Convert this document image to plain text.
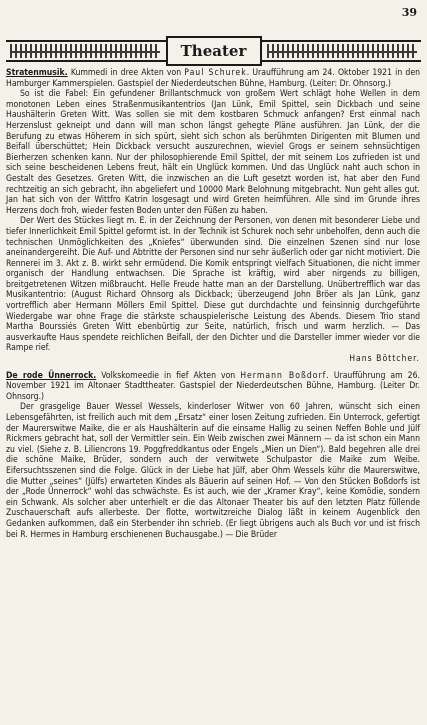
39
Theater

Stratenmusik. Kummedi in dree Akten von Paul Schurek. Uraufführung am 24. Oktober 1921 in den Hamburger Kammerspielen. Gastspiel der Niederdeutschen Bühne, Hamburg. (Leiter: Dr. Ohnsorg.)

So ist die Fabel: Ein gefundener Brillantschmuck von großem Wert schlägt hohe Wellen in dem monotonen Leben eines Straßenmusikantentrios (Jan Lünk, Emil Spittel, sein Dickbach und seine Haushälterin Greten Witt. Was sollen sie mit dem kostbaren Schmuck anfangen? Erst einmal nach Herzenslust gekneipt und dann will man schon längst gehegte Pläne ausführen. Jan Lünk, der die Berufung zu etwas Höherem in sich spürt, sieht sich schon als berühmten Dirigenten mit Blumen und Beifall überschüttet; Hein Dickback versucht auszurechnen, wieviel Grogs er seinem sehnsüchtigen Bierherzen schenken kann. Nur der philosophierende Emil Spittel, der mit seinem Los zufrieden ist und sich seine bescheidenen Lebens freut, hält ein Unglück kommen. Und das Unglück naht auch schon in Gestalt des Gesetzes. Greten Witt, die inzwischen an die Luft gesetzt worden ist, hat aber den Fund rechtzeitig an sich gebracht, ihn abgeliefert und 10000 Mark Belohnung mitgebracht. Nun geht alles gut. Jan hat sich von der Wittfro Katrin losgesagt und wird Greten heimführen. Alle sind im Grunde ihres Herzens doch froh, wieder festen Boden unter den Füßen zu haben.

Der Wert des Stückes liegt m. E. in der Zeichnung der Personen, von denen mit besonderer Liebe und tiefer Innerlichkeit Emil Spittel geformt ist. In der Technik ist Schurek noch sehr unbeholfen, denn auch die technischen Unmöglichkeiten des „Kniefes“ überwunden sind. Die einzelnen Szenen sind nur lose aneinandergereiht. Die Auf- und Abtritte der Personen sind nur sehr äußerlich oder gar nicht motiviert. Die Rennerei im 3. Akt z. B. wirkt sehr ermüdend. Die Komik entspringt vielfach Situationen, die nicht immer organisch der Handlung entwachsen. Die Sprache ist kräftig, wird aber nirgends zu billigen, breitgetretenen Witzen mißbraucht. Helle Freude hatte man an der Darstellung. Unübertrefflich war das Musikantentrio: (August Richard Ohnsorg als Dickback; überzeugend John Bröer als Jan Lünk, ganz vortrefflich aber Hermann Möllers Emil Spittel. Diese gut durchdachte und feinsinnig durchgeführte Wiedergabe war ohne Frage die stärkste schauspielerische Leistung des Abends. Diesem Trio stand Martha Bourssiés Greten Witt ebenbürtig zur Seite, natürlich, frisch und warm herzlich. — Das ausverkaufte Haus spendete reichlichen Beifall, der den Dichter und die Darsteller immer wieder vor die Rampe rief.

Hans Böttcher.

De rode Ünnerrock. Volkskomeedie in fief Akten von Hermann Boßdorf. Uraufführung am 26. November 1921 im Altonaer Stadttheater. Gastspiel der Niederdeutschen Bühne, Hamburg. (Leiter Dr. Ohnsorg.)

Der grasgelige Bauer Wessel Wessels, kinderloser Witwer von 60 Jahren, wünscht sich einen Lebensgefährten, ist freilich auch mit dem „Ersatz“ einer losen Zeitung zufrieden. Ein Unterrock, gefertigt der Maurerswitwe Maike, die er als Haushälterin auf die einsame Hallig zu seinen Neffen Bohle und Jülf Rickmers gebracht hat, soll der Vermittler sein. Ein Weib zwischen zwei Männern — da ist schon ein Mann zu viel. (Siehe z. B. Liliencrons 19. Poggfreddkantus oder Engels „Mien un Dien“). Bald begehren alle drei die schöne Maike, Brüder, sondern auch der verwitwete Schulpastor die Maike zum Weibe. Eifersuchtsszenen sind die Folge. Glück in der Liebe hat Jülf, aber Ohm Wessels kühr die Maurerswitwe, die Mutter „seines“ (Jülfs) erwarteten Kindes als Bäuerin auf seinen Hof. — Von den Stücken Boßdorfs ist der „Rode Ünnerrock“ wohl das schwächste. Es ist auch, wie der „Kramer Kray“, keine Komödie, sondern ein Schwank. Als solcher aber unterhielt er die das Altonaer Theater bis auf den letzten Platz füllende Zuschauerschaft aufs allerbeste. Der flotte, wortwitzreiche Dialog läßt in keinem Augenblick den Gedanken aufkommen, daß ein Sterbender ihn schrieb. (Er liegt übrigens auch als Buch vor und ist frisch bei R. Hermes in Hamburg erschienenen Buchausgabe.) — Die Brüder
